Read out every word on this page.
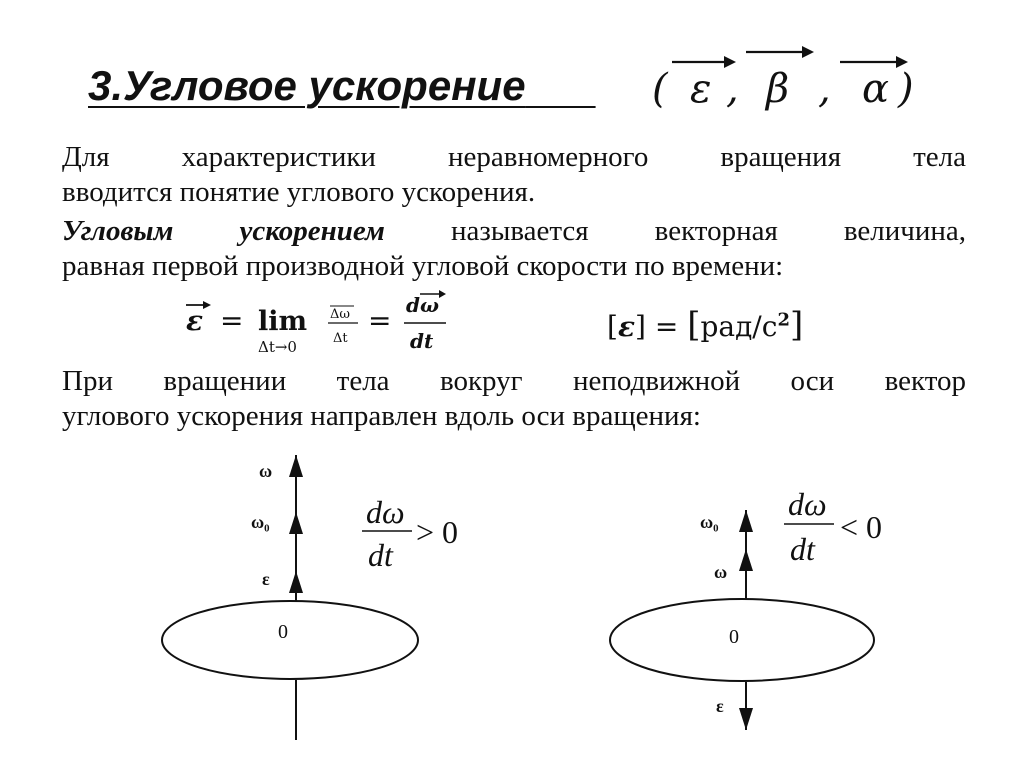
3.Угловое ускорение	( ε , β , α )
Для характеристики неравномерного вращения тела
вводится понятие углового ускорения.
Угловым ускорением называется векторная величина,
равная первой производной угловой скорости по времени:
ε = lim
Δt→0
Δω
Δt
= dω
dt	$[\varepsilon] = [рад/с^2]$
При вращении тела вокруг неподвижной оси вектор
углового ускорения направлен вдоль оси вращения:
ω
ω₀
ε
0
dω
dt
> 0	ω₀
ω
0
ε
dω
dt
< 0
